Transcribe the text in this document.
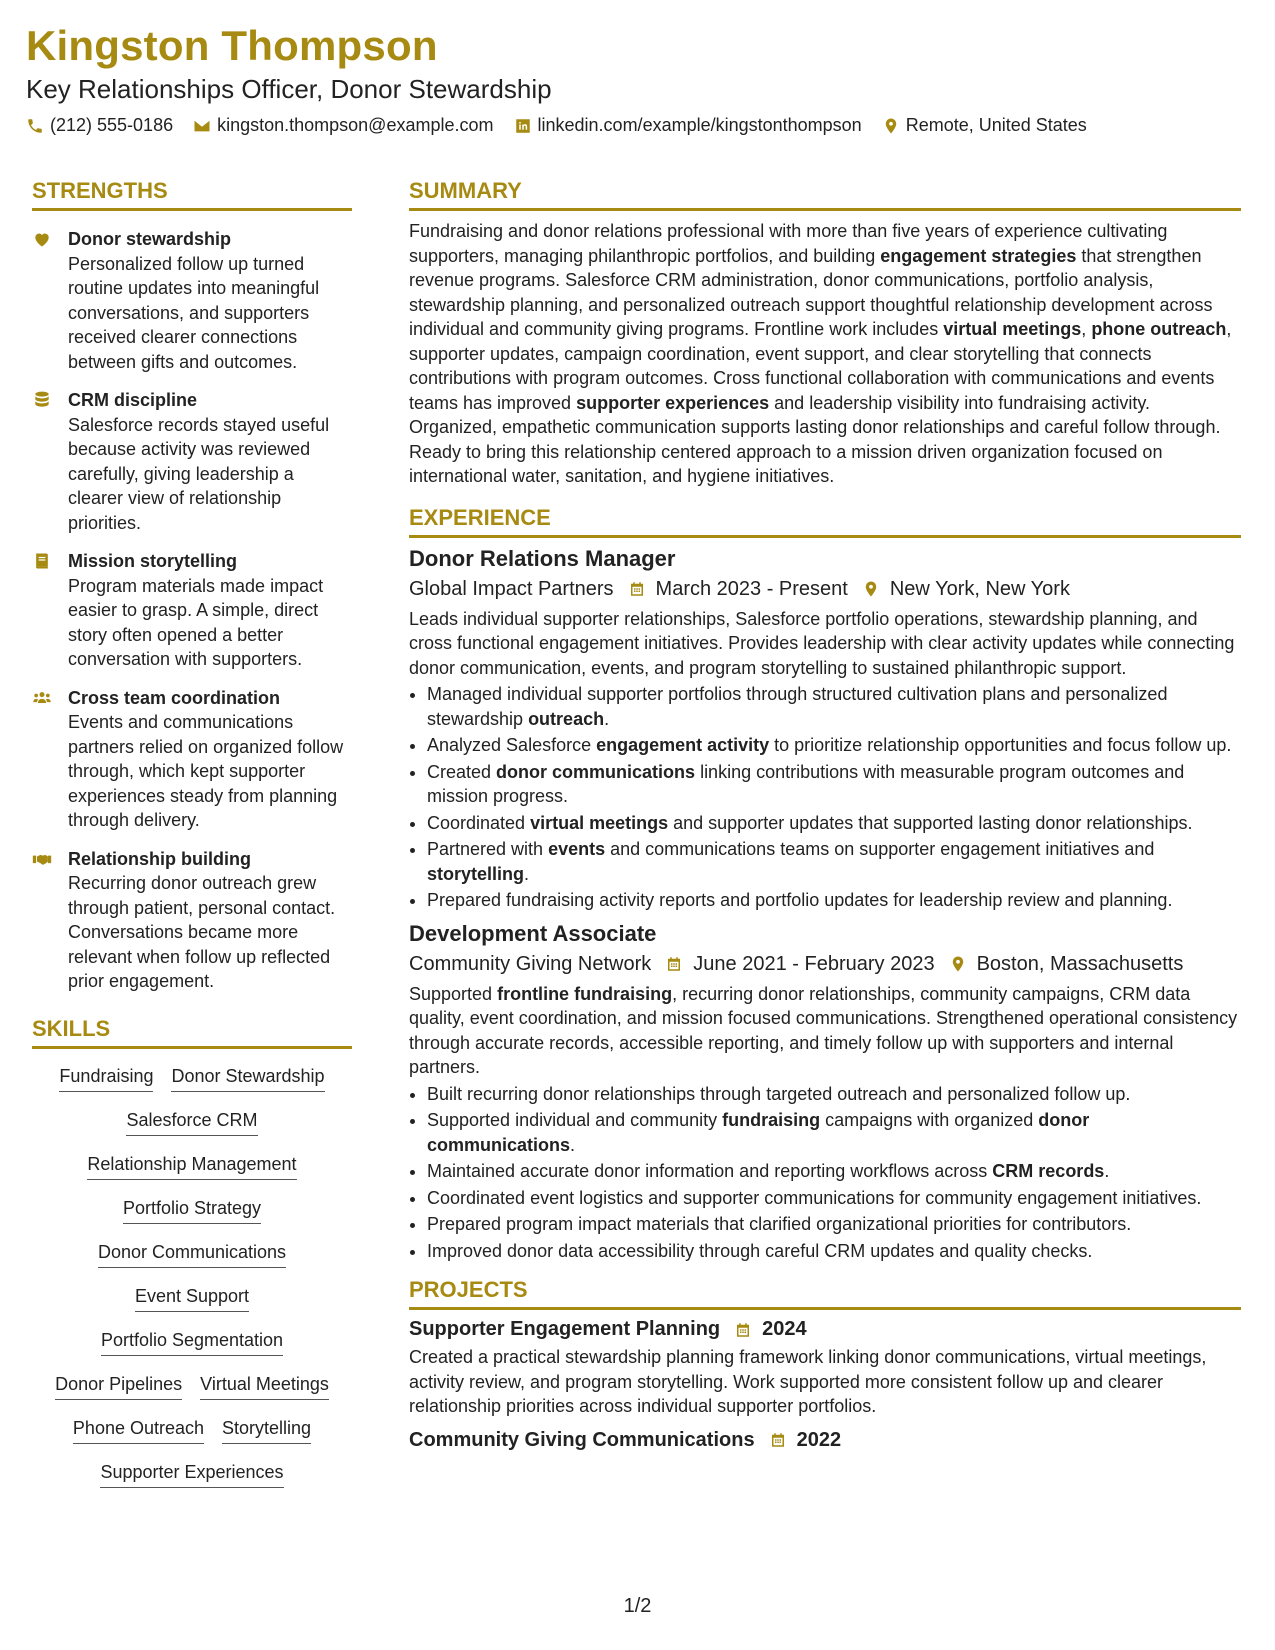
Kingston Thompson
Key Relationships Officer, Donor Stewardship
(212) 555-0186 kingston.thompson@example.com linkedin.com/example/kingstonthompson Remote, United States
STRENGTHS
Donor stewardship
Personalized follow up turned routine updates into meaningful conversations, and supporters received clearer connections between gifts and outcomes.
CRM discipline
Salesforce records stayed useful because activity was reviewed carefully, giving leadership a clearer view of relationship priorities.
Mission storytelling
Program materials made impact easier to grasp. A simple, direct story often opened a better conversation with supporters.
Cross team coordination
Events and communications partners relied on organized follow through, which kept supporter experiences steady from planning through delivery.
Relationship building
Recurring donor outreach grew through patient, personal contact. Conversations became more relevant when follow up reflected prior engagement.
SKILLS
Fundraising Donor Stewardship
Salesforce CRM
Relationship Management
Portfolio Strategy
Donor Communications
Event Support
Portfolio Segmentation
Donor Pipelines Virtual Meetings
Phone Outreach Storytelling
Supporter Experiences
SUMMARY

Fundraising and donor relations professional with more than five years of experience cultivating supporters, managing philanthropic portfolios, and building engagement strategies that strengthen revenue programs. Salesforce CRM administration, donor communications, portfolio analysis, stewardship planning, and personalized outreach support thoughtful relationship development across individual and community giving programs. Frontline work includes virtual meetings, phone outreach, supporter updates, campaign coordination, event support, and clear storytelling that connects contributions with program outcomes. Cross functional collaboration with communications and events teams has improved supporter experiences and leadership visibility into fundraising activity. Organized, empathetic communication supports lasting donor relationships and careful follow through. Ready to bring this relationship centered approach to a mission driven organization focused on international water, sanitation, and hygiene initiatives.

EXPERIENCE
Donor Relations Manager
Global Impact Partners March 2023 - Present New York, New York

Leads individual supporter relationships, Salesforce portfolio operations, stewardship planning, and cross functional engagement initiatives. Provides leadership with clear activity updates while connecting donor communication, events, and program storytelling to sustained philanthropic support.

• Managed individual supporter portfolios through structured cultivation plans and personalized stewardship outreach.
• Analyzed Salesforce engagement activity to prioritize relationship opportunities and focus follow up.
• Created donor communications linking contributions with measurable program outcomes and mission progress.
• Coordinated virtual meetings and supporter updates that supported lasting donor relationships.
• Partnered with events and communications teams on supporter engagement initiatives and storytelling.
• Prepared fundraising activity reports and portfolio updates for leadership review and planning.
Development Associate
Community Giving Network June 2021 - February 2023 Boston, Massachusetts

Supported frontline fundraising, recurring donor relationships, community campaigns, CRM data quality, event coordination, and mission focused communications. Strengthened operational consistency through accurate records, accessible reporting, and timely follow up with supporters and internal partners.

• Built recurring donor relationships through targeted outreach and personalized follow up.
• Supported individual and community fundraising campaigns with organized donor communications.
• Maintained accurate donor information and reporting workflows across CRM records.
• Coordinated event logistics and supporter communications for community engagement initiatives.
• Prepared program impact materials that clarified organizational priorities for contributors.
• Improved donor data accessibility through careful CRM updates and quality checks.
PROJECTS
Supporter Engagement Planning 2024

Created a practical stewardship planning framework linking donor communications, virtual meetings, activity review, and program storytelling. Work supported more consistent follow up and clearer relationship priorities across individual supporter portfolios.

Community Giving Communications 2022
1/2
